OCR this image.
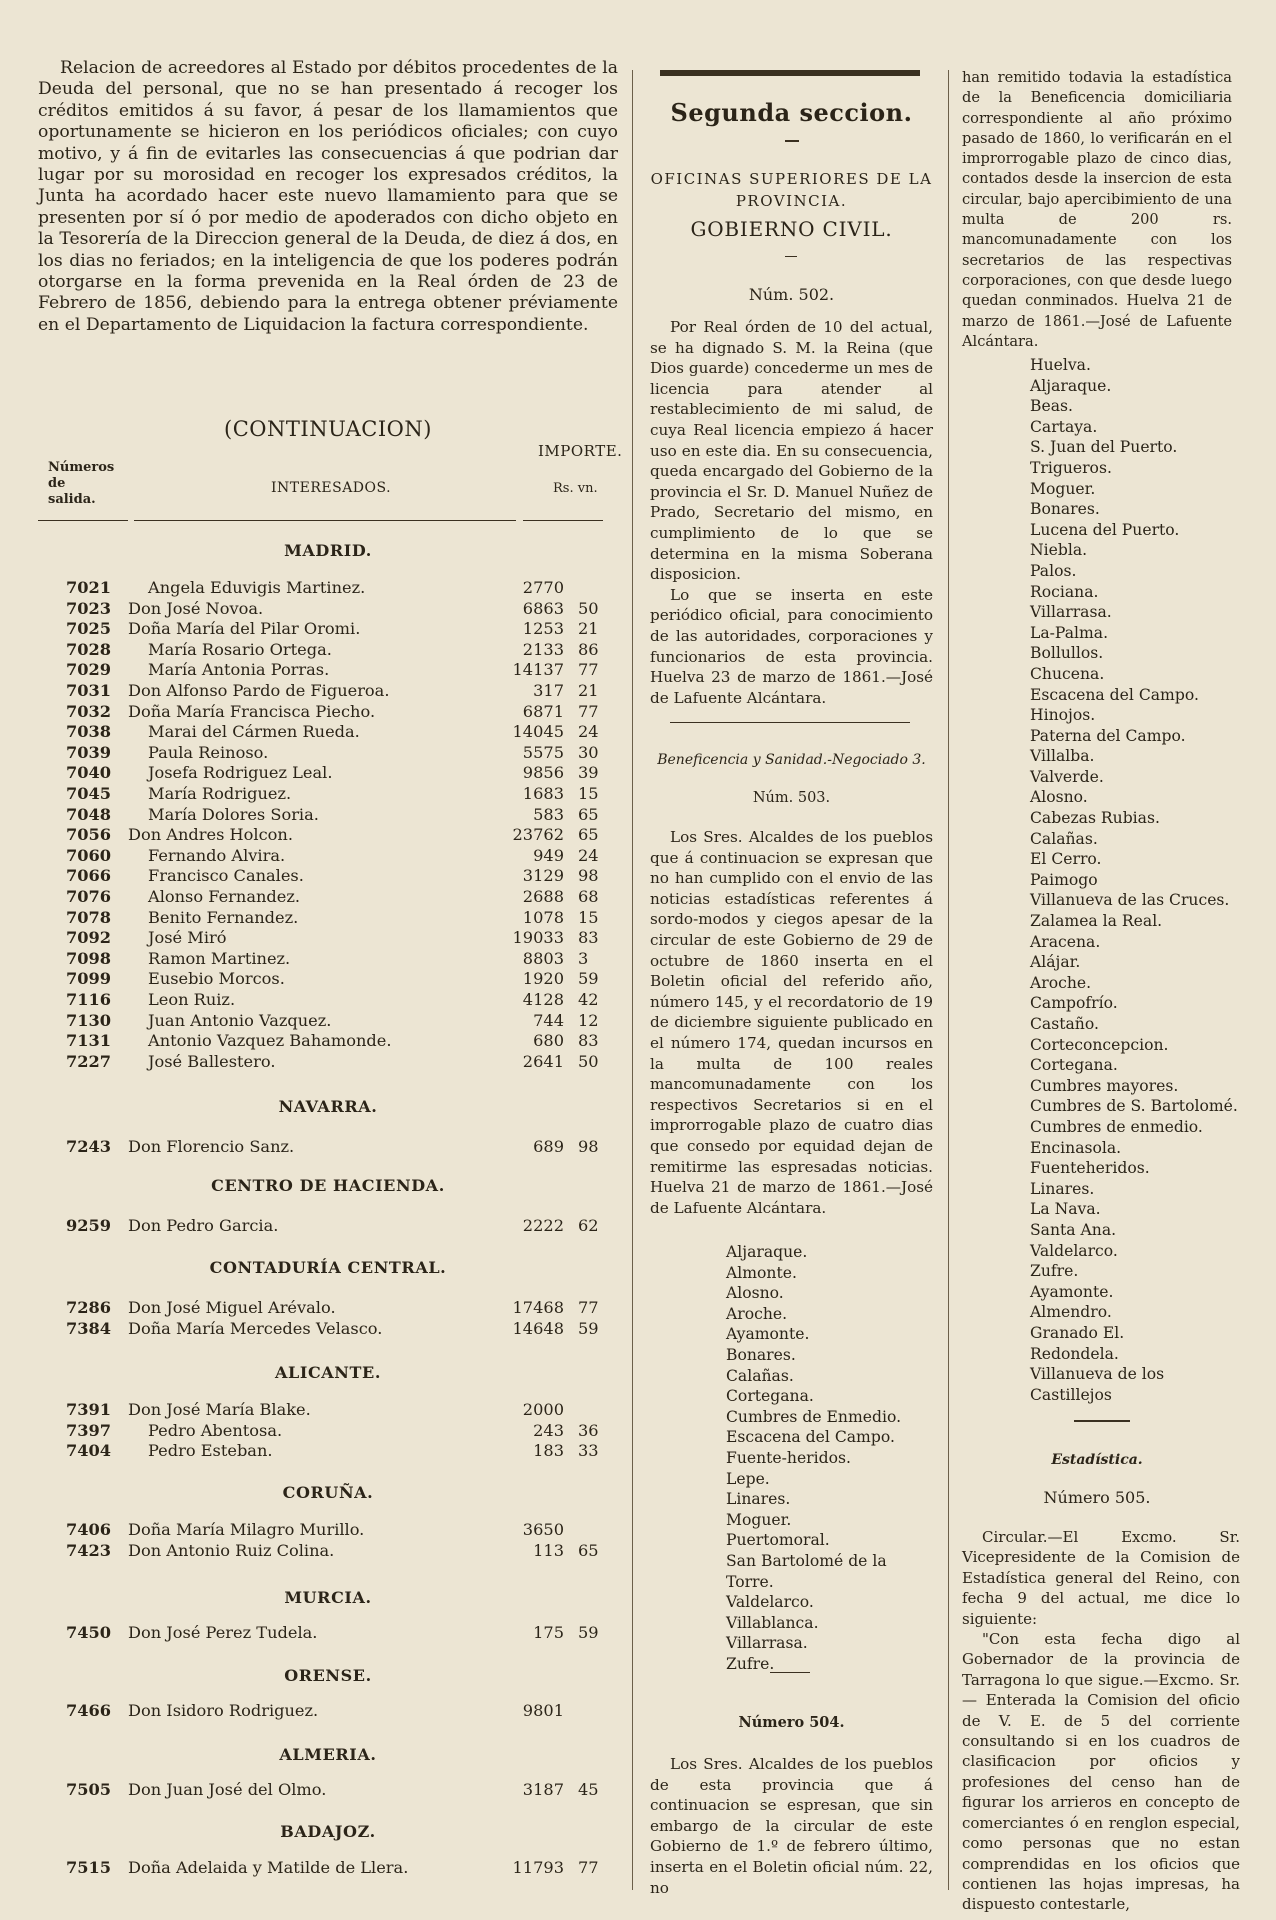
Relacion de acreedores al Estado por débitos procedentes de la Deuda del personal, que no se han presentado á recoger los créditos emitidos á su favor, á pesar de los llamamientos que oportunamente se hicieron en los periódicos oficiales; con cuyo motivo, y á fin de evitarles las consecuencias á que podrian dar lugar por su morosidad en recoger los expresados créditos, la Junta ha acordado hacer este nuevo llamamiento para que se presenten por sí ó por medio de apoderados con dicho objeto en la Tesorería de la Direccion general de la Deuda, de diez á dos, en los dias no feriados; en la inteligencia de que los poderes podrán otorgarse en la forma prevenida en la Real órden de 23 de Febrero de 1856, debiendo para la entrega obtener préviamente en el Departamento de Liquidacion la factura correspondiente.

(CONTINUACION)
Números de salida.
INTERESADOS.
IMPORTE.
Rs. vn.
MADRID.
7021 Angela Eduvigis Martinez.	2770
7023 Don José Novoa.	6863 50
7025 Doña María del Pilar Oromi.	1253 21
7028 María Rosario Ortega.	2133 86
7029 María Antonia Porras.	14137 77
7031 Don Alfonso Pardo de Figueroa.	317 21
7032 Doña María Francisca Piecho.	6871 77
7038 Marai del Cármen Rueda.	14045 24
7039 Paula Reinoso.	5575 30
7040 Josefa Rodriguez Leal.	9856 39
7045 María Rodriguez.	1683 15
7048 María Dolores Soria.	583 65
7056 Don Andres Holcon.	23762 65
7060 Fernando Alvira.	949 24
7066 Francisco Canales.	3129 98
7076 Alonso Fernandez.	2688 68
7078 Benito Fernandez.	1078 15
7092 José Miró	19033 83
7098 Ramon Martinez.	8803 3
7099 Eusebio Morcos.	1920 59
7116 Leon Ruiz.	4128 42
7130 Juan Antonio Vazquez.	744 12
7131 Antonio Vazquez Bahamonde.	680 83
7227 José Ballestero.	2641 50
NAVARRA.
7243 Don Florencio Sanz.	689 98
CENTRO DE HACIENDA.
9259 Don Pedro Garcia.	2222 62
CONTADURÍA CENTRAL.
7286 Don José Miguel Arévalo.	17468 77
7384 Doña María Mercedes Velasco.	14648 59
ALICANTE.
7391 Don José María Blake.	2000
7397 Pedro Abentosa.	243 36
7404 Pedro Esteban.	183 33
CORUÑA.
7406 Doña María Milagro Murillo.	3650
7423 Don Antonio Ruiz Colina.	113 65
MURCIA.
7450 Don José Perez Tudela.	175 59
ORENSE.
7466 Don Isidoro Rodriguez.	9801
ALMERIA.
7505 Don Juan José del Olmo.	3187 45
BADAJOZ.
7515 Doña Adelaida y Matilde de Llera.	11793 77
Segunda seccion.
OFICINAS SUPERIORES DE LA PROVINCIA.
GOBIERNO CIVIL.
Núm. 502.

Por Real órden de 10 del actual, se ha dignado S. M. la Reina (que Dios guarde) concederme un mes de licencia para atender al restablecimiento de mi salud, de cuya Real licencia empiezo á hacer uso en este dia. En su consecuencia, queda encargado del Gobierno de la provincia el Sr. D. Manuel Nuñez de Prado, Secretario del mismo, en cumplimiento de lo que se determina en la misma Soberana disposicion.

Lo que se inserta en este periódico oficial, para conocimiento de las autoridades, corporaciones y funcionarios de esta provincia. Huelva 23 de marzo de 1861.—José de Lafuente Alcántara.

Beneficencia y Sanidad.-Negociado 3.
Núm. 503.

Los Sres. Alcaldes de los pueblos que á continuacion se expresan que no han cumplido con el envio de las noticias estadísticas referentes á sordo-modos y ciegos apesar de la circular de este Gobierno de 29 de octubre de 1860 inserta en el Boletin oficial del referido año, número 145, y el recordatorio de 19 de diciembre siguiente publicado en el número 174, quedan incursos en la multa de 100 reales mancomunadamente con los respectivos Secretarios si en el improrrogable plazo de cuatro dias que consedo por equidad dejan de remitirme las espresadas noticias. Huelva 21 de marzo de 1861.—José de Lafuente Alcántara.

Aljaraque.
Almonte.
Alosno.
Aroche.
Ayamonte.
Bonares.
Calañas.
Cortegana.
Cumbres de Enmedio.
Escacena del Campo.
Fuente-heridos.
Lepe.
Linares.
Moguer.
Puertomoral.
San Bartolomé de la Torre.
Valdelarco.
Villablanca.
Villarrasa.
Zufre.
Número 504.

Los Sres. Alcaldes de los pueblos de esta provincia que á continuacion se espresan, que sin embargo de la circular de este Gobierno de 1.º de febrero último, inserta en el Boletin oficial núm. 22, no

han remitido todavia la estadística de la Beneficencia domiciliaria correspondiente al año próximo pasado de 1860, lo verificarán en el improrrogable plazo de cinco dias, contados desde la insercion de esta circular, bajo apercibimiento de una multa de 200 rs. mancomunadamente con los secretarios de las respectivas corporaciones, con que desde luego quedan conminados. Huelva 21 de marzo de 1861.—José de Lafuente Alcántara.

Huelva.
Aljaraque.
Beas.
Cartaya.
S. Juan del Puerto.
Trigueros.
Moguer.
Bonares.
Lucena del Puerto.
Niebla.
Palos.
Rociana.
Villarrasa.
La-Palma.
Bollullos.
Chucena.
Escacena del Campo.
Hinojos.
Paterna del Campo.
Villalba.
Valverde.
Alosno.
Cabezas Rubias.
Calañas.
El Cerro.
Paimogo
Villanueva de las Cruces.
Zalamea la Real.
Aracena.
Alájar.
Aroche.
Campofrío.
Castaño.
Corteconcepcion.
Cortegana.
Cumbres mayores.
Cumbres de S. Bartolomé.
Cumbres de enmedio.
Encinasola.
Fuenteheridos.
Linares.
La Nava.
Santa Ana.
Valdelarco.
Zufre.
Ayamonte.
Almendro.
Granado El.
Redondela.
Villanueva de los Castillejos
Estadística.
Número 505.

Circular.—El Excmo. Sr. Vicepresidente de la Comision de Estadística general del Reino, con fecha 9 del actual, me dice lo siguiente:

"Con esta fecha digo al Gobernador de la provincia de Tarragona lo que sigue.—Excmo. Sr.— Enterada la Comision del oficio de V. E. de 5 del corriente consultando si en los cuadros de clasificacion por oficios y profesiones del censo han de figurar los arrieros en concepto de comerciantes ó en renglon especial, como personas que no estan comprendidas en los oficios que contienen las hojas impresas, ha dispuesto contestarle,
